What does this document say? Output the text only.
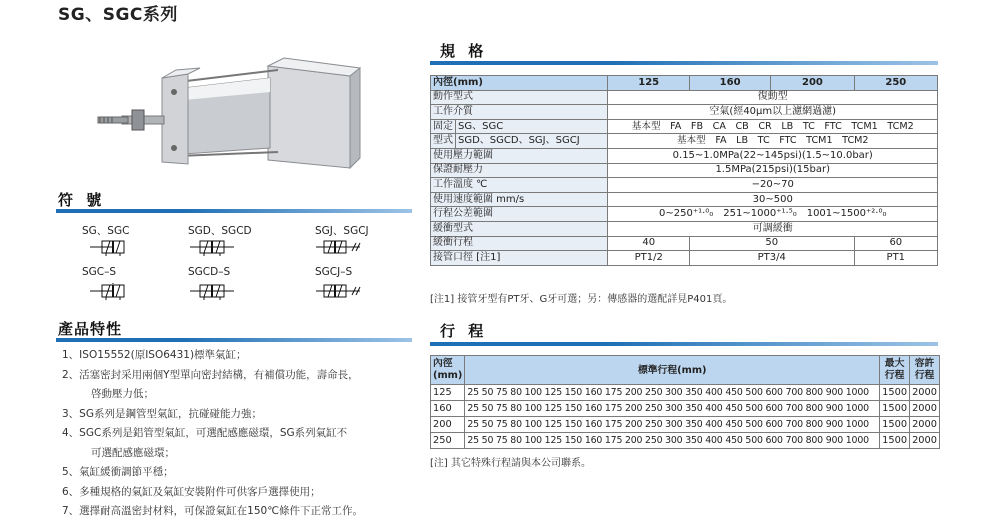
SG、SGC系列
符 號
SG、SGC	SGD、SGCD	SGJ、SGCJ
SGC–S	SGCD–S	SGCJ–S
產品特性
1、ISO15552(原ISO6431)標準氣缸；
2、活塞密封采用兩個Y型單向密封結構，有補償功能，壽命長，
啓動壓力低；
3、SG系列是鋼管型氣缸，抗碰碰能力強；
4、SGC系列是鋁管型氣缸，可選配感應磁環，SG系列氣缸不
可選配感應磁環；
5、氣缸緩衝調節平穩；
6、多種規格的氣缸及氣缸安裝附件可供客戶選擇使用；
7、選擇耐高溫密封材料，可保證氣缸在150℃條件下正常工作。
規 格
內徑(mm)		125	160	200	250
動作型式		復動型			
工作介質		空氣(經40μm以上濾網過濾)			
固定	SG、SGC	基本型　FA　FB　CA　CB　CR　LB　TC　FTC　TCM1　TCM2			
型式	SGD、SGCD、SGJ、SGCJ	基本型　FA　LB　TC　FTC　TCM1　TCM2			
使用壓力範圍		0.15~1.0MPa(22~145psi)(1.5~10.0bar)			
保證耐壓力		1.5MPa(215psi)(15bar)			
工作溫度 ℃		−20~70			
使用速度範圍 mm/s		30~500			
行程公差範圍		0~250⁺¹·⁰₀　251~1000⁺¹·⁵₀　1001~1500⁺²·⁰₀			
緩衝型式		可調緩衝			
緩衝行程		40	50		60
接管口徑 [注1]		PT1/2	PT3/4		PT1
[注1] 接管牙型有PT牙、G牙可選；另：傳感器的選配詳見P401頁。
行 程
內徑 (mm)	標準行程(mm)	最大 行程	容許 行程
125	25 50 75 80 100 125 150 160 175 200 250 300 350 400 450 500 600 700 800 900 1000	1500	2000
160	25 50 75 80 100 125 150 160 175 200 250 300 350 400 450 500 600 700 800 900 1000	1500	2000
200	25 50 75 80 100 125 150 160 175 200 250 300 350 400 450 500 600 700 800 900 1000	1500	2000
250	25 50 75 80 100 125 150 160 175 200 250 300 350 400 450 500 600 700 800 900 1000	1500	2000
[注] 其它特殊行程請與本公司聯系。
